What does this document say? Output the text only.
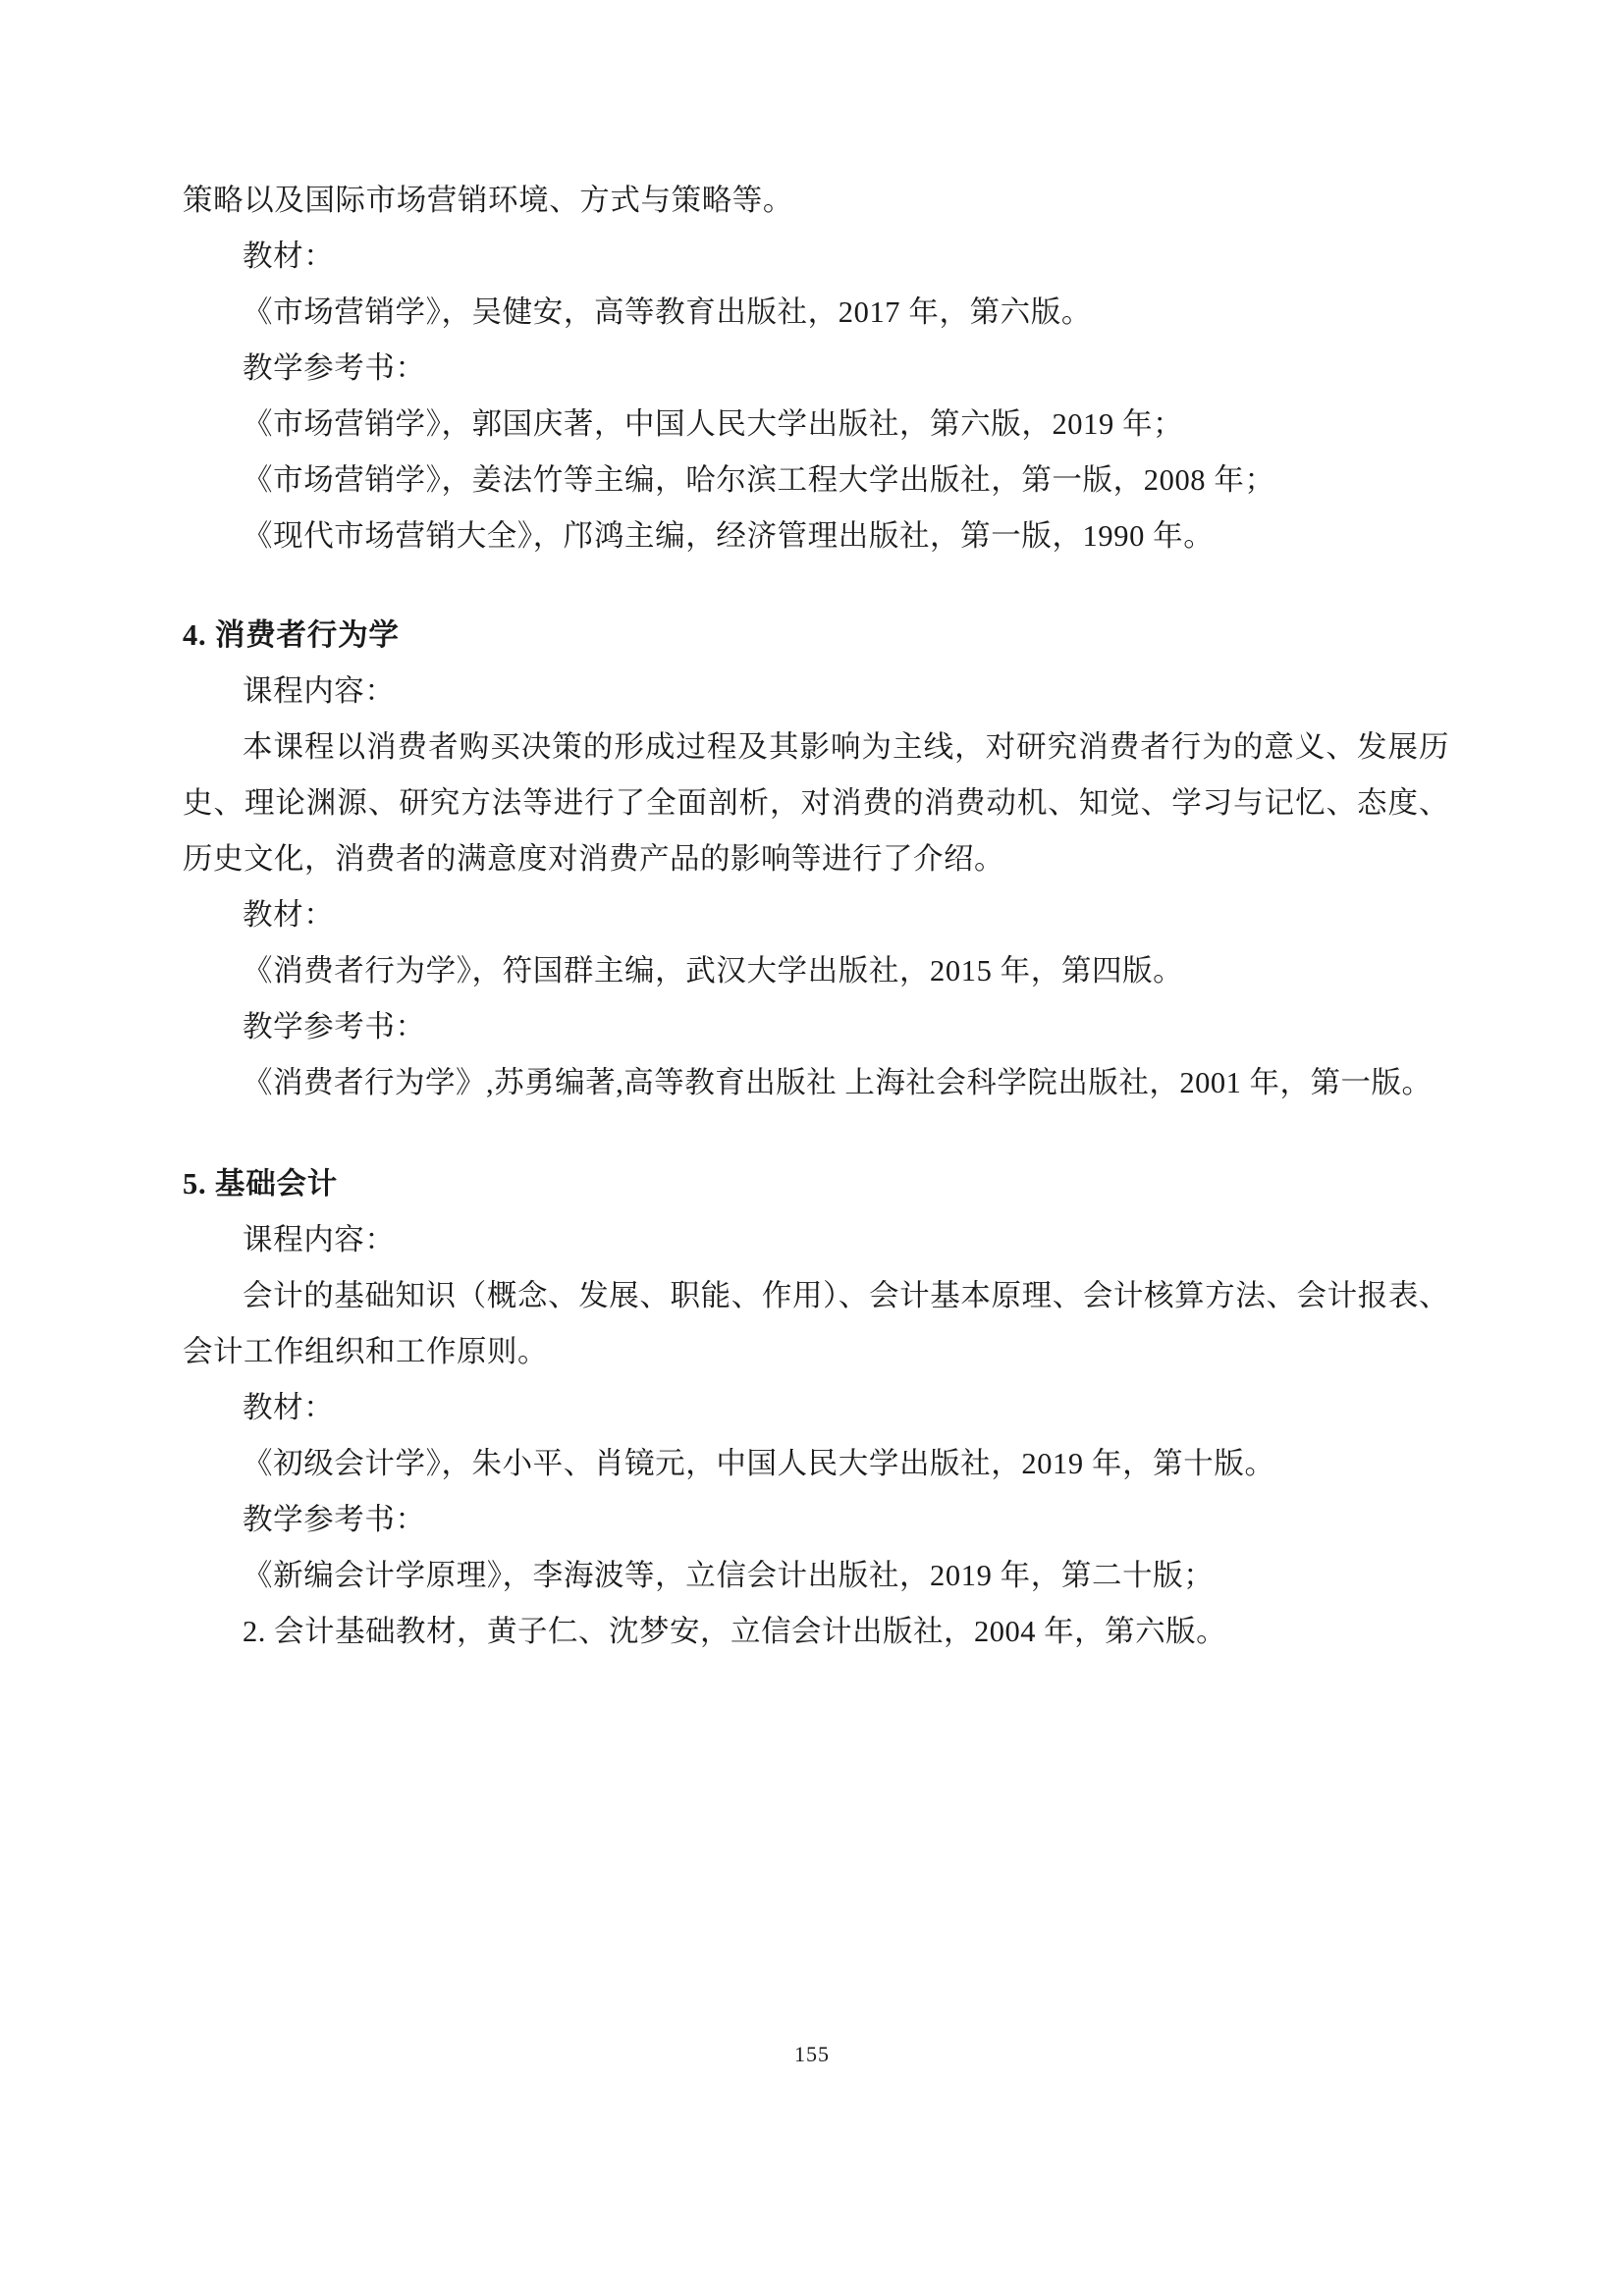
策略以及国际市场营销环境、方式与策略等。
教材：
《市场营销学》，吴健安，高等教育出版社，2017 年，第六版。
教学参考书：
《市场营销学》，郭国庆著，中国人民大学出版社，第六版，2019 年；
《市场营销学》，姜法竹等主编，哈尔滨工程大学出版社，第一版，2008 年；
《现代市场营销大全》，邝鸿主编，经济管理出版社，第一版，1990 年。
4. 消费者行为学
课程内容：
本课程以消费者购买决策的形成过程及其影响为主线，对研究消费者行为的意义、发展历史、理论渊源、研究方法等进行了全面剖析，对消费的消费动机、知觉、学习与记忆、态度、历史文化，消费者的满意度对消费产品的影响等进行了介绍。
教材：
《消费者行为学》，符国群主编，武汉大学出版社，2015 年，第四版。
教学参考书：
《消费者行为学》,苏勇编著,高等教育出版社 上海社会科学院出版社，2001 年，第一版。
5. 基础会计
课程内容：
会计的基础知识（概念、发展、职能、作用）、会计基本原理、会计核算方法、会计报表、会计工作组织和工作原则。
教材：
《初级会计学》，朱小平、肖镜元，中国人民大学出版社，2019 年，第十版。
教学参考书：
《新编会计学原理》，李海波等，立信会计出版社，2019 年，第二十版；
2. 会计基础教材，黄子仁、沈梦安，立信会计出版社，2004 年，第六版。
155
